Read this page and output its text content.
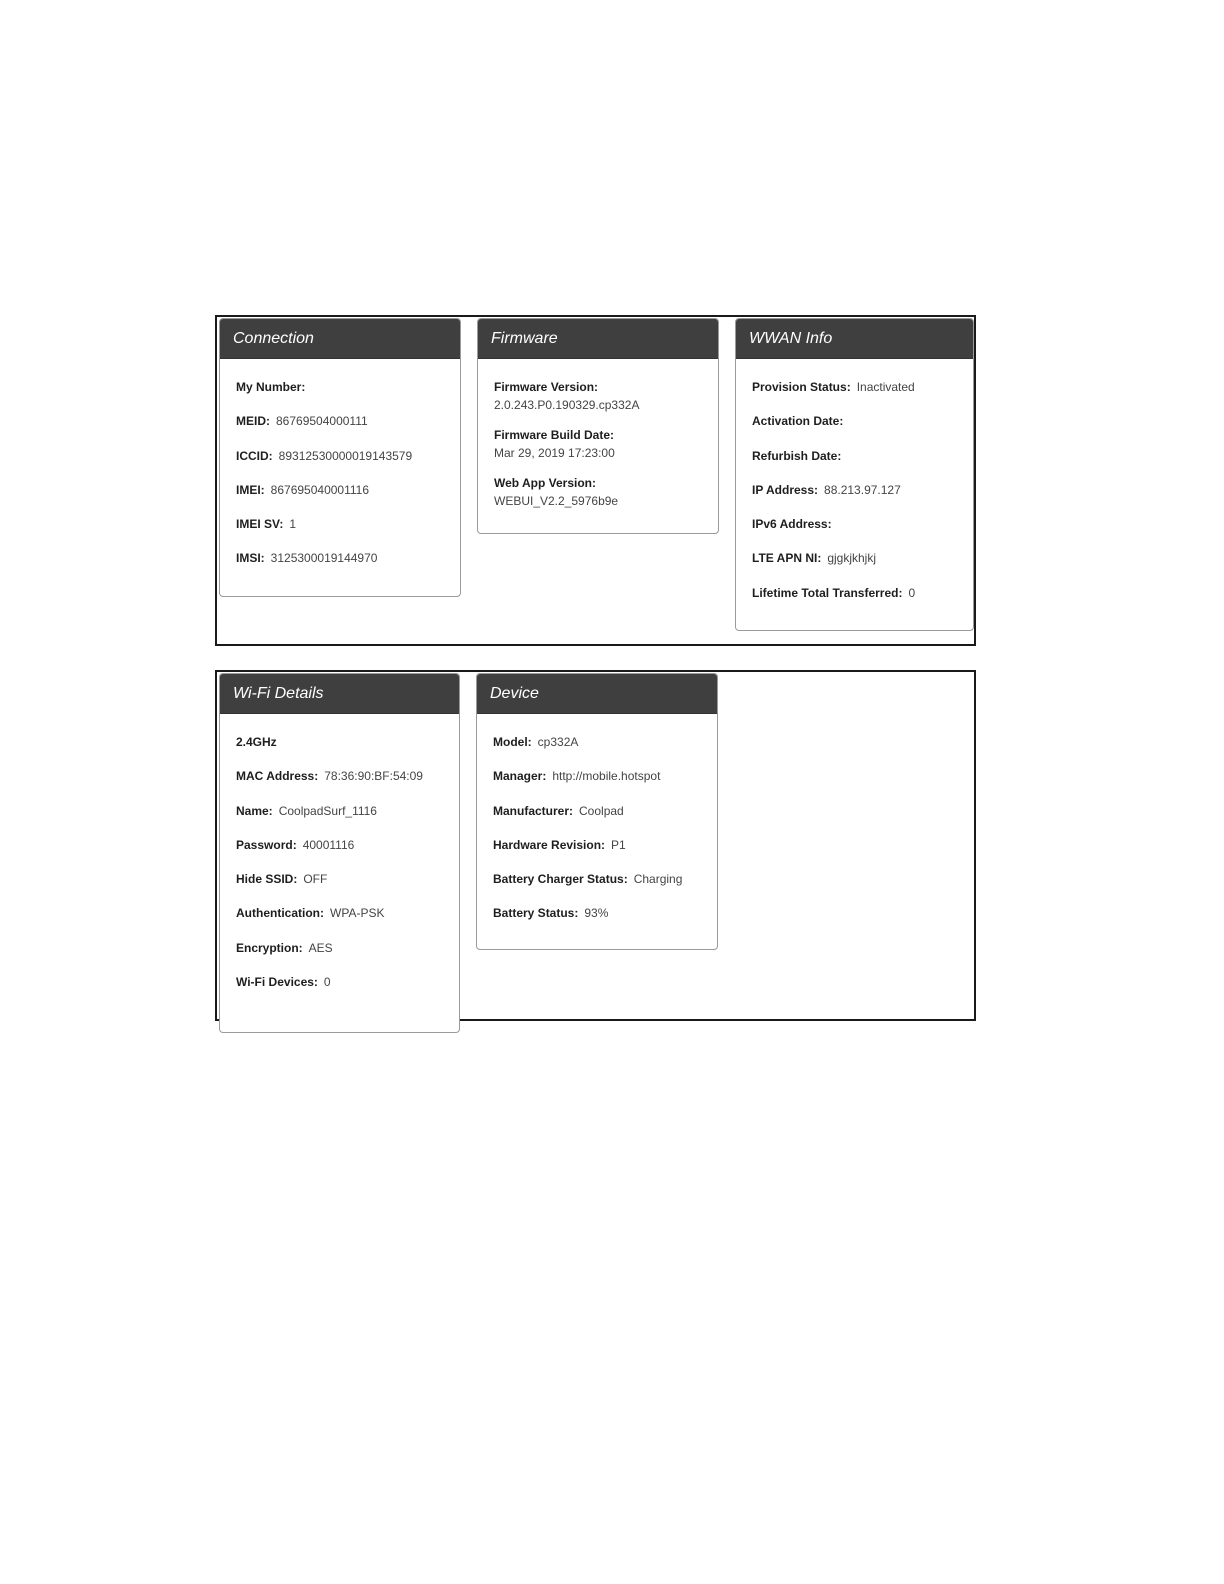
Connection
My Number:
MEID: 86769504000111
ICCID: 89312530000019143579
IMEI: 867695040001116
IMEI SV: 1
IMSI: 3125300019144970
Firmware
Firmware Version:
2.0.243.P0.190329.cp332A
Firmware Build Date:
Mar 29, 2019 17:23:00
Web App Version:
WEBUI_V2.2_5976b9e
WWAN Info
Provision Status: Inactivated
Activation Date:
Refurbish Date:
IP Address: 88.213.97.127
IPv6 Address:
LTE APN NI: gjgkjkhjkj
Lifetime Total Transferred: 0
Wi-Fi Details
2.4GHz
MAC Address: 78:36:90:BF:54:09
Name: CoolpadSurf_1116
Password: 40001116
Hide SSID: OFF
Authentication: WPA-PSK
Encryption: AES
Wi-Fi Devices: 0
Device
Model: cp332A
Manager: http://mobile.hotspot
Manufacturer: Coolpad
Hardware Revision: P1
Battery Charger Status: Charging
Battery Status: 93%
